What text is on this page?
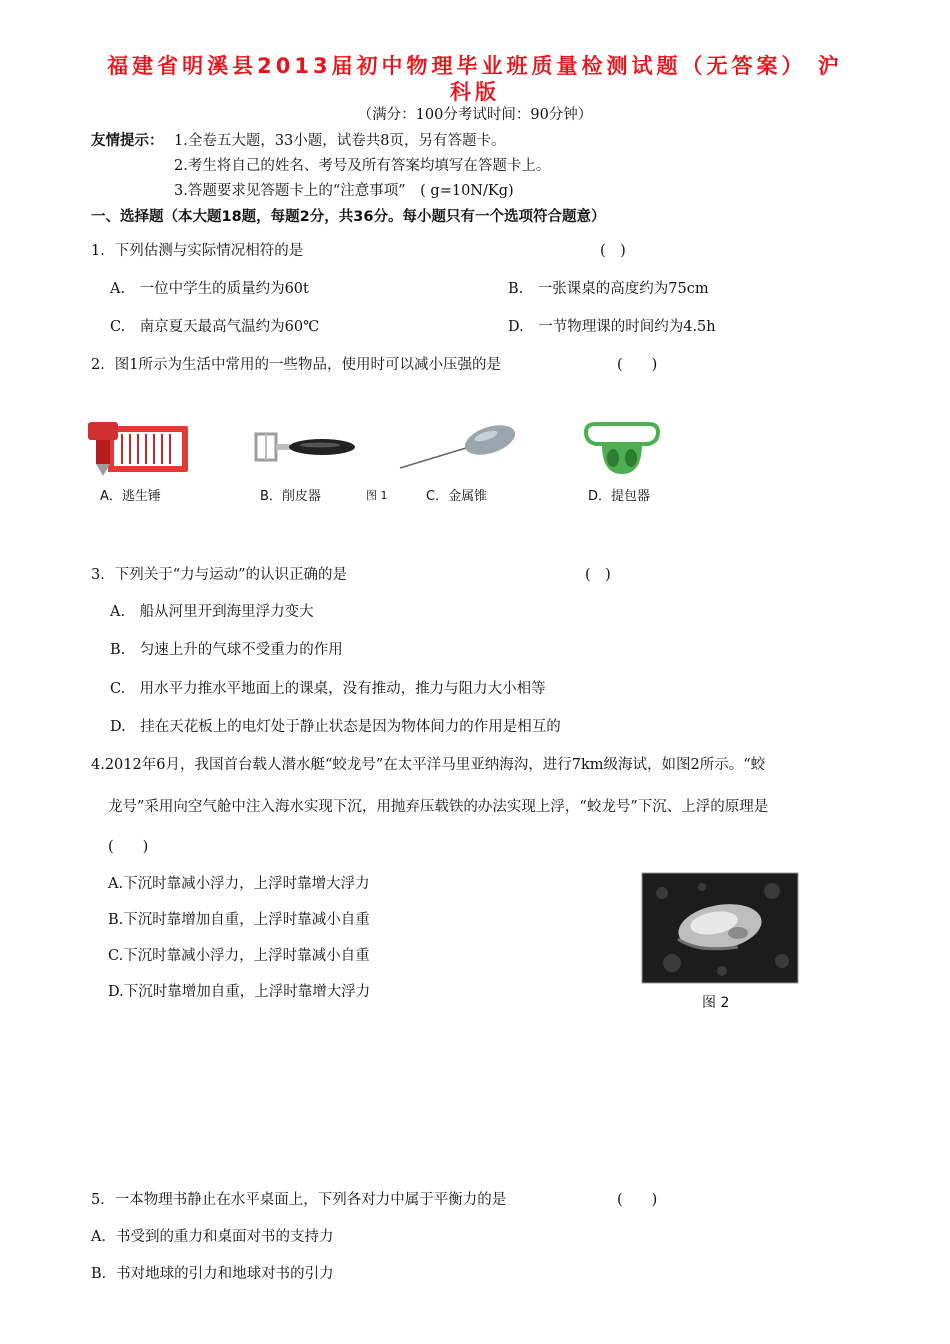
福建省明溪县2013届初中物理毕业班质量检测试题（无答案） 沪
科版
（满分：100分考试时间：90分钟）
友情提示： 1.全卷五大题，33小题，试卷共8页，另有答题卡。
2.考生将自己的姓名、考号及所有答案均填写在答题卡上。
3.答题要求见答题卡上的“注意事项”　( g=10N/Kg)
一、选择题（本大题18题，每题2分，共36分。每小题只有一个选项符合题意）
1．下列估测与实际情况相符的是	(　)
A.　一位中学生的质量约为60t	B.　一张课桌的高度约为75cm
C.　南京夏天最高气温约为60℃	D.　一节物理课的时间约为4.5h
2．图1所示为生活中常用的一些物品，使用时可以减小压强的是	(　　)
A．逃生锤	B．削皮器	图 1	C．金属锥	D．提包器
3．下列关于“力与运动”的认识正确的是	(　)
A.　船从河里开到海里浮力变大
B.　匀速上升的气球不受重力的作用
C.　用水平力推水平地面上的课桌，没有推动，推力与阻力大小相等
D.　挂在天花板上的电灯处于静止状态是因为物体间力的作用是相互的
4.2012年6月，我国首台载人潜水艇“蛟龙号”在太平洋马里亚纳海沟，进行7km级海试，如图2所示。“蛟
龙号”采用向空气舱中注入海水实现下沉，用抛弃压载铁的办法实现上浮，“蛟龙号”下沉、上浮的原理是
(　　)
A.下沉时靠减小浮力，上浮时靠增大浮力
B.下沉时靠增加自重，上浮时靠减小自重
C.下沉时靠减小浮力，上浮时靠减小自重
D.下沉时靠增加自重，上浮时靠增大浮力
图 2
5．一本物理书静止在水平桌面上，下列各对力中属于平衡力的是	(　　)
A．书受到的重力和桌面对书的支持力
B．书对地球的引力和地球对书的引力
